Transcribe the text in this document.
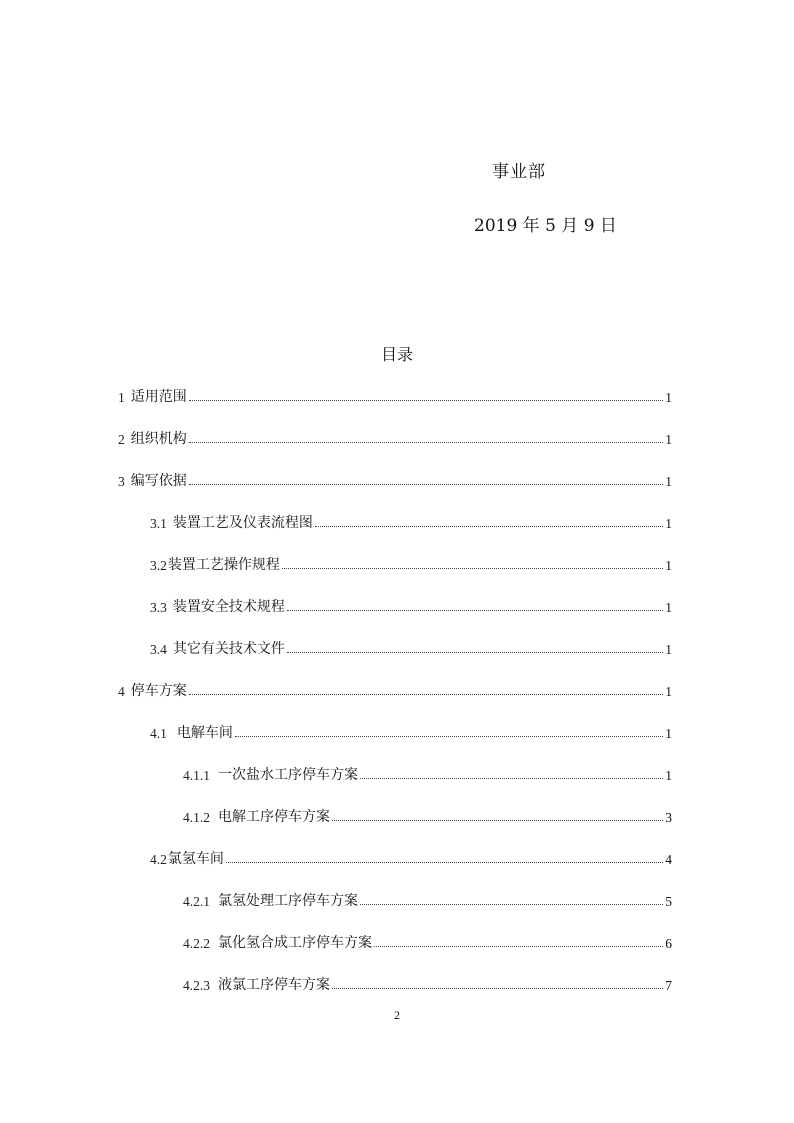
事业部
2019 年 5 月 9 日
目录
1 适用范围	1
2 组织机构	1
3 编写依据	1
3.1 装置工艺及仪表流程图	1
3.2 装置工艺操作规程	1
3.3 装置安全技术规程	1
3.4 其它有关技术文件	1
4 停车方案	1
4.1 电解车间	1
4.1.1 一次盐水工序停车方案	1
4.1.2 电解工序停车方案	3
4.2 氯氢车间	4
4.2.1 氯氢处理工序停车方案	5
4.2.2 氯化氢合成工序停车方案	6
4.2.3 液氯工序停车方案	7
2
